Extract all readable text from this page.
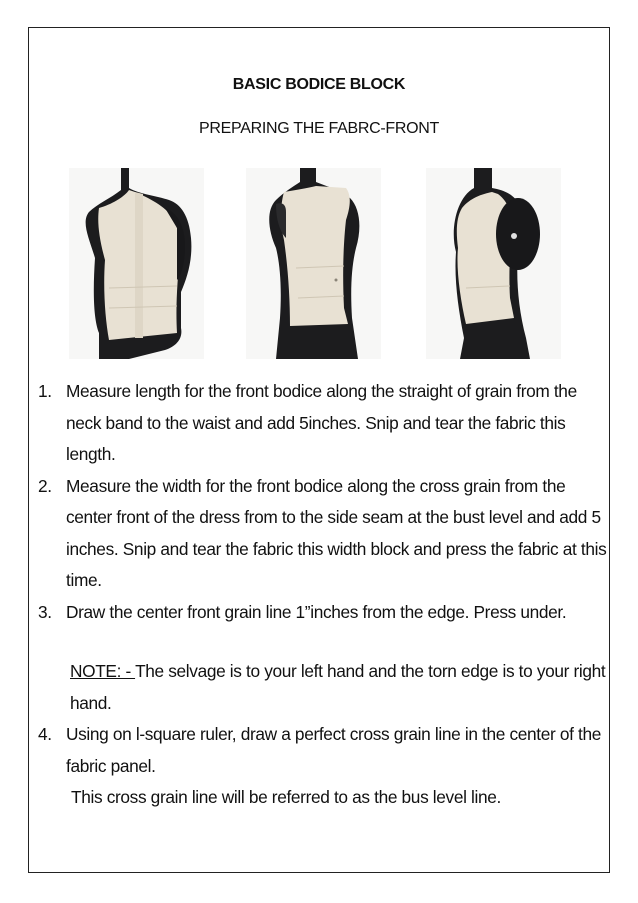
BASIC BODICE BLOCK
PREPARING THE FABRC-FRONT
1. Measure length for the front bodice along the straight of grain from the neck band to the waist and add 5inches. Snip and tear the fabric this length.
2. Measure the width for the front bodice along the cross grain from the center front of the dress from to the side seam at the bust level and add 5 inches. Snip and tear the fabric this width block and press the fabric at this time.
3. Draw the center front grain line 1”inches from the edge. Press under.
NOTE: - The selvage is to your left hand and the torn edge is to your right hand.
4. Using on l-square ruler, draw a perfect cross grain line in the center of the fabric panel.
This cross grain line will be referred to as the bus level line.
